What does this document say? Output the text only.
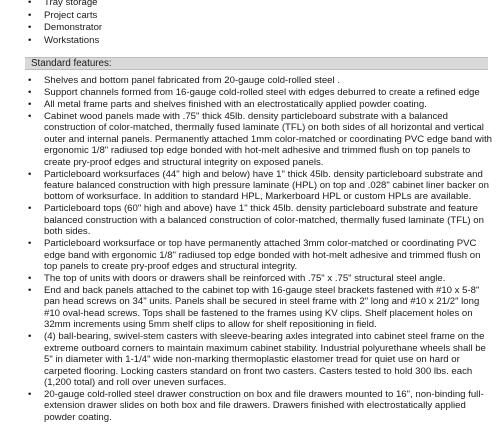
•	Tray storage
•	Project carts
•	Demonstrator
•	Workstations
Standard features:
•	Shelves and bottom panel fabricated from 20-gauge cold-rolled steel .
•	Support channels formed from 16-gauge cold-rolled steel with edges deburred to create a refined edge
•	All metal frame parts and shelves finished with an electrostatically applied powder coating.
•	Cabinet wood panels made with .75" thick 45lb. density particleboard substrate with a balanced construction of color-matched, thermally fused laminate (TFL) on both sides of all horizontal and vertical outer and internal panels. Permanently attached 1mm color-matched or coordinating PVC edge band with ergonomic 1/8" radiused top edge bonded with hot-melt adhesive and trimmed flush on top panels to create pry-proof edges and structural integrity on exposed panels.
•	Particleboard worksurfaces (44" high and below) have 1" thick 45lb. density particleboard substrate and feature balanced construction with high pressure laminate (HPL) on top and .028" cabinet liner backer on bottom of worksurface. In addition to standard HPL, Markerboard HPL or custom HPLs are available.
•	Particleboard tops (60" high and above) have 1" thick 45lb. density particleboard substrate and feature balanced construction with a balanced construction of color-matched, thermally fused laminate (TFL) on both sides.
•	Particleboard worksurface or top have permanently attached 3mm color-matched or coordinating PVC edge band with ergonomic 1/8" radiused top edge bonded with hot-melt adhesive and trimmed flush on top panels to create pry-proof edges and structural integrity.
•	The top of units with doors or drawers shall be reinforced with .75" x .75" structural steel angle.
•	End and back panels attached to the cabinet top with 16-gauge steel brackets fastened with #10 x 5-8" pan head screws on 34" units. Panels shall be secured in steel frame with 2" long and #10 x 21/2" long #10 oval-head screws. Tops shall be fastened to the frames using KV clips. Shelf placement holes on 32mm increments using 5mm shelf clips to allow for shelf repositioning in field.
•	(4) ball-bearing, swivel-stem casters with sleeve-bearing axles integrated into cabinet steel frame on the extreme outboard corners to maintain maximum cabinet stability. Industrial polyurethane wheels shall be 5" in diameter with 1-1/4" wide non-marking thermoplastic elastomer tread for quiet use on hard or carpeted flooring. Locking casters standard on front two casters. Casters tested to hold 300 lbs. each (1,200 total) and roll over uneven surfaces.
•	20-gauge cold-rolled steel drawer construction on box and file drawers mounted to 16", non-binding full-extension drawer slides on both box and file drawers. Drawers finished with electrostatically applied powder coating.
